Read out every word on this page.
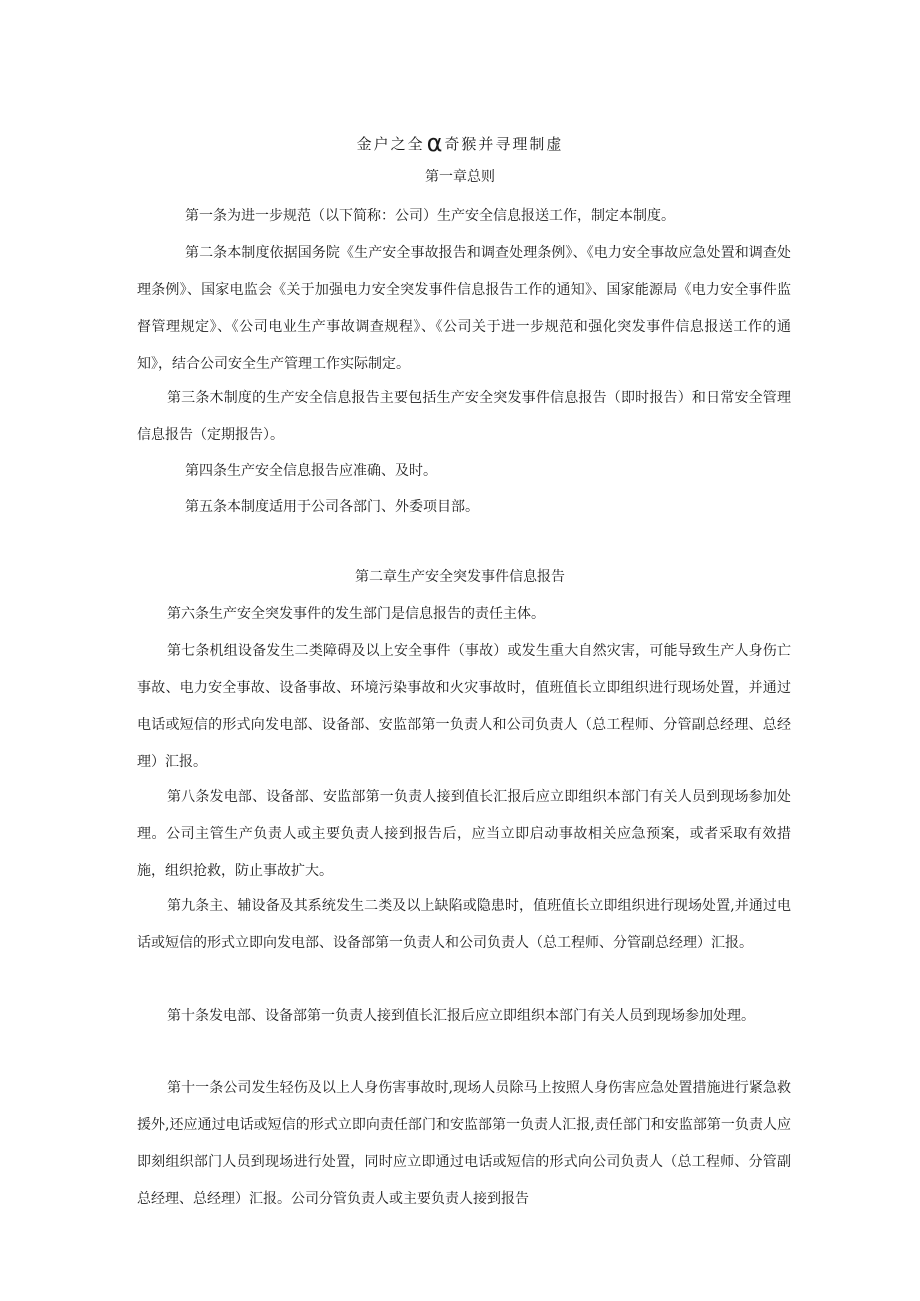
金户之全α 奇猴并寻理制虚
第一章总则

第一条为进一步规范（以下简称：公司）生产安全信息报送工作，制定本制度。

第二条本制度依据国务院《生产安全事故报告和调查处理条例》、《电力安全事故应急处置和调查处理条例》、国家电监会《关于加强电力安全突发事件信息报告工作的通知》、国家能源局《电力安全事件监督管理规定》、《公司电业生产事故调查规程》、《公司关于进一步规范和强化突发事件信息报送工作的通知》，结合公司安全生产管理工作实际制定。

第三条木制度的生产安全信息报告主要包括生产安全突发事件信息报告（即时报告）和日常安全管理信息报告（定期报告）。

第四条生产安全信息报告应准确、及时。

第五条本制度适用于公司各部门、外委项目部。

第二章生产安全突发事件信息报告

第六条生产安全突发事件的发生部门是信息报告的责任主体。

第七条机组设备发生二类障碍及以上安全事件（事故）或发生重大自然灾害，可能导致生产人身伤亡事故、电力安全事故、设备事故、环境污染事故和火灾事故时，值班值长立即组织进行现场处置，并通过电话或短信的形式向发电部、设备部、安监部第一负责人和公司负责人（总工程师、分管副总经理、总经理）汇报。

第八条发电部、设备部、安监部第一负责人接到值长汇报后应立即组织本部门有关人员到现场参加处理。公司主管生产负责人或主要负责人接到报告后，应当立即启动事故相关应急预案，或者采取有效措施，组织抢救，防止事故扩大。

第九条主、辅设备及其系统发生二类及以上缺陷或隐患时，值班值长立即组织进行现场处置,并通过电话或短信的形式立即向发电部、设备部第一负责人和公司负责人（总工程师、分管副总经理）汇报。

第十条发电部、设备部第一负责人接到值长汇报后应立即组织本部门有关人员到现场参加处理。

第十一条公司发生轻伤及以上人身伤害事故时,现场人员除马上按照人身伤害应急处置措施进行紧急救援外,还应通过电话或短信的形式立即向责任部门和安监部第一负责人汇报,责任部门和安监部第一负责人应即刻组织部门人员到现场进行处置，同时应立即通过电话或短信的形式向公司负责人（总工程师、分管副总经理、总经理）汇报。公司分管负责人或主要负责人接到报告
